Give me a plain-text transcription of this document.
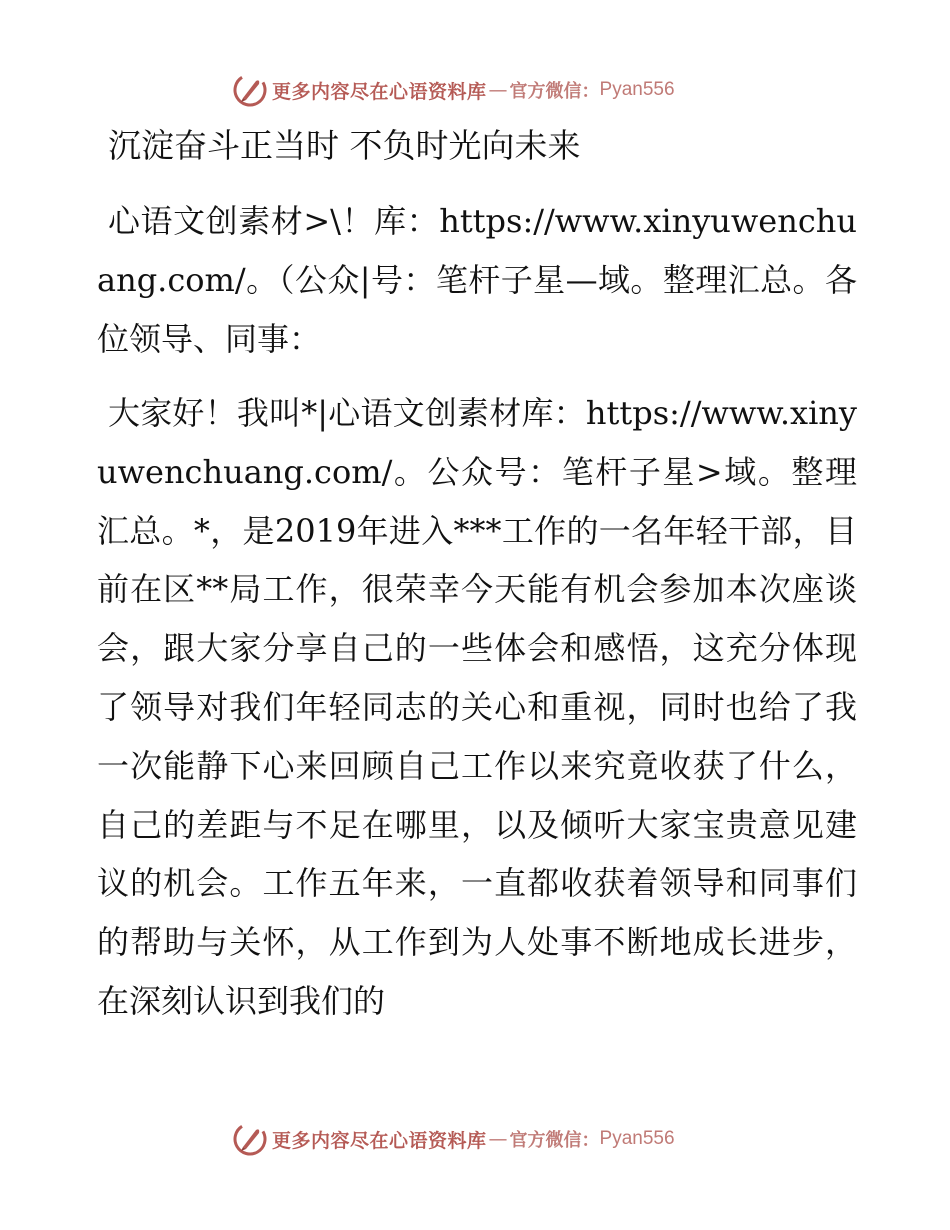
更多内容尽在心语资料库 — 官方微信： Pyan556
沉淀奋斗正当时 不负时光向未来

心语文创素材>\！库：https://www.xinyuwenchuang.com/。（公众|号：笔杆子星—域。整理汇总。各位领导、同事：

大家好！我叫*|心语文创素材库：https://www.xinyuwenchuang.com/。公众号：笔杆子星>域。整理汇总。*，是2019年进入***工作的一名年轻干部，目前在区**局工作，很荣幸今天能有机会参加本次座谈会，跟大家分享自己的一些体会和感悟，这充分体现了领导对我们年轻同志的关心和重视，同时也给了我一次能静下心来回顾自己工作以来究竟收获了什么，自己的差距与不足在哪里，以及倾听大家宝贵意见建议的机会。工作五年来，一直都收获着领导和同事们的帮助与关怀，从工作到为人处事不断地成长进步，在深刻认识到我们的

更多内容尽在心语资料库 — 官方微信： Pyan556
